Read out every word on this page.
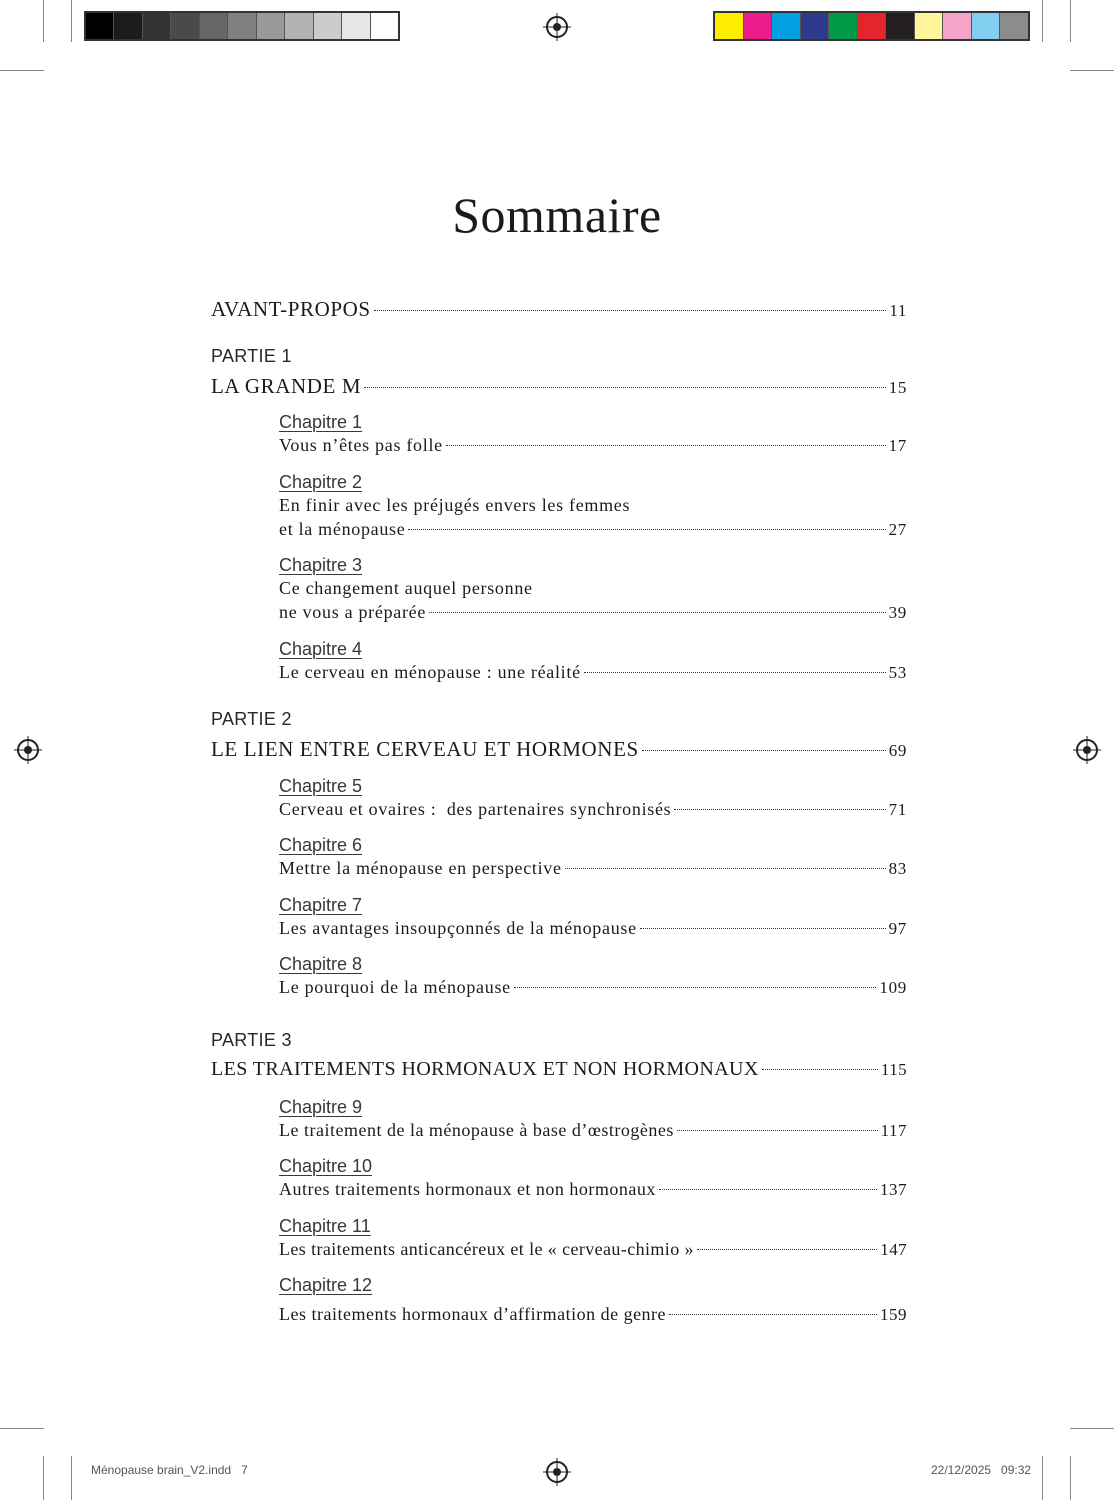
Sommaire
AVANT-PROPOS	11
PARTIE 1
LA GRANDE M	15
Chapitre 1
Vous n’êtes pas folle	17
Chapitre 2
En finir avec les préjugés envers les femmes
et la ménopause	27
Chapitre 3
Ce changement auquel personne
ne vous a préparée	39
Chapitre 4
Le cerveau en ménopause : une réalité	53
PARTIE 2
LE LIEN ENTRE CERVEAU ET HORMONES	69
Chapitre 5
Cerveau et ovaires :  des partenaires synchronisés	71
Chapitre 6
Mettre la ménopause en perspective	83
Chapitre 7
Les avantages insoupçonnés de la ménopause	97
Chapitre 8
Le pourquoi de la ménopause	109
PARTIE 3
LES TRAITEMENTS HORMONAUX ET NON HORMONAUX	115
Chapitre 9
Le traitement de la ménopause à base d’œstrogènes	117
Chapitre 10
Autres traitements hormonaux et non hormonaux	137
Chapitre 11
Les traitements anticancéreux et le « cerveau-chimio »	147
Chapitre 12
Les traitements hormonaux d’affirmation de genre	159
Ménopause brain_V2.indd   7	22/12/2025   09:32
